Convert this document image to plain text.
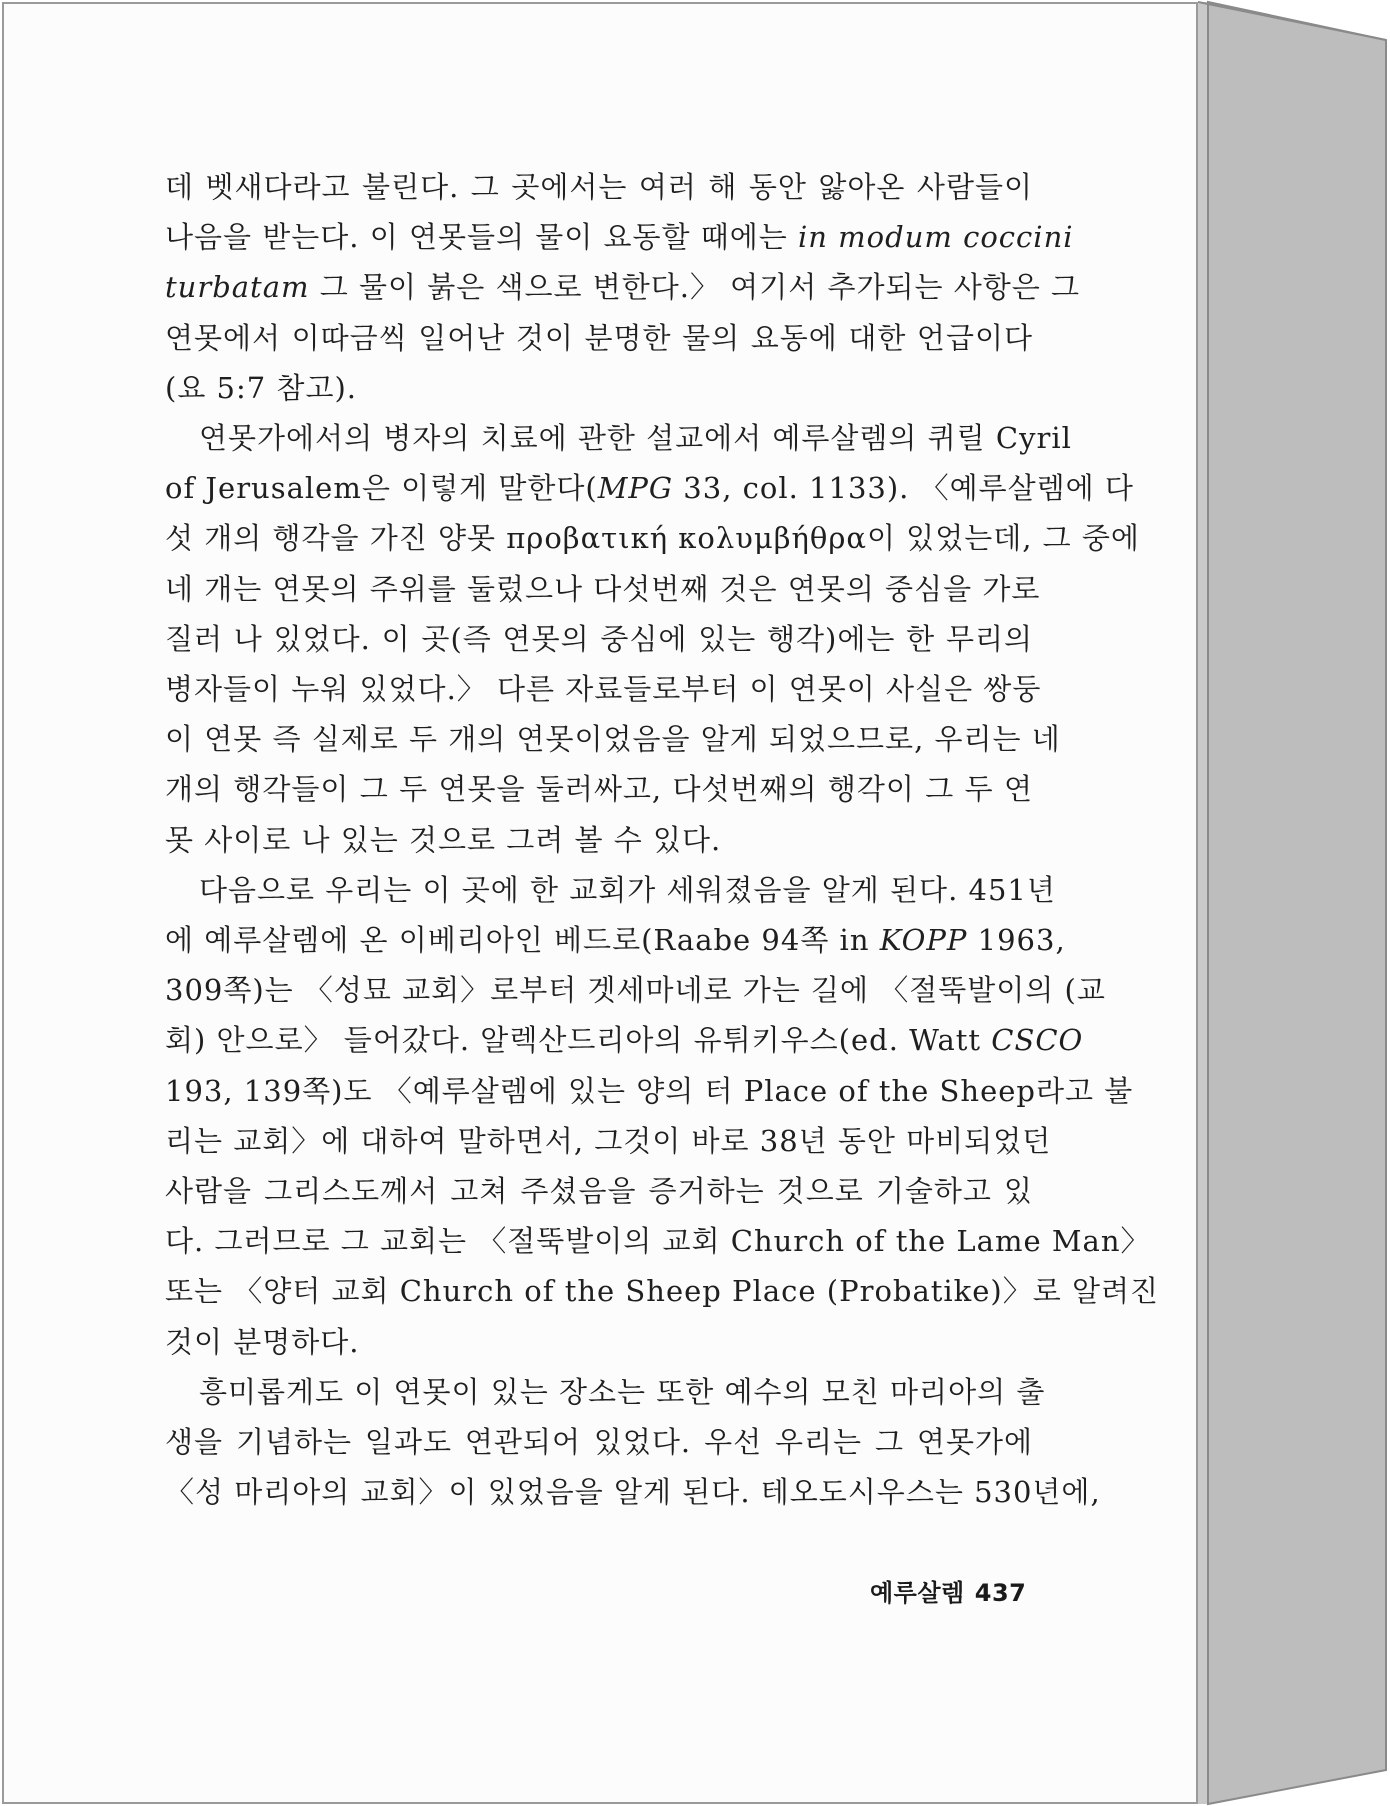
데 벳새다라고 불린다. 그 곳에서는 여러 해 동안 앓아온 사람들이
나음을 받는다. 이 연못들의 물이 요동할 때에는 in modum coccini
turbatam 그 물이 붉은 색으로 변한다.〉 여기서 추가되는 사항은 그
연못에서 이따금씩 일어난 것이 분명한 물의 요동에 대한 언급이다
(요 5:7 참고).
연못가에서의 병자의 치료에 관한 설교에서 예루살렘의 퀴릴 Cyril
of Jerusalem은 이렇게 말한다(MPG 33, col. 1133). 〈예루살렘에 다
섯 개의 행각을 가진 양못 προβατική κολυμβήθρα이 있었는데, 그 중에
네 개는 연못의 주위를 둘렀으나 다섯번째 것은 연못의 중심을 가로
질러 나 있었다. 이 곳(즉 연못의 중심에 있는 행각)에는 한 무리의
병자들이 누워 있었다.〉 다른 자료들로부터 이 연못이 사실은 쌍둥
이 연못 즉 실제로 두 개의 연못이었음을 알게 되었으므로, 우리는 네
개의 행각들이 그 두 연못을 둘러싸고, 다섯번째의 행각이 그 두 연
못 사이로 나 있는 것으로 그려 볼 수 있다.
다음으로 우리는 이 곳에 한 교회가 세워졌음을 알게 된다. 451년
에 예루살렘에 온 이베리아인 베드로(Raabe 94쪽 in KOPP 1963,
309쪽)는 〈성묘 교회〉로부터 겟세마네로 가는 길에 〈절뚝발이의 (교
회) 안으로〉 들어갔다. 알렉산드리아의 유튀키우스(ed. Watt CSCO
193, 139쪽)도 〈예루살렘에 있는 양의 터 Place of the Sheep라고 불
리는 교회〉에 대하여 말하면서, 그것이 바로 38년 동안 마비되었던
사람을 그리스도께서 고쳐 주셨음을 증거하는 것으로 기술하고 있
다. 그러므로 그 교회는 〈절뚝발이의 교회 Church of the Lame Man〉
또는 〈양터 교회 Church of the Sheep Place (Probatike)〉로 알려진
것이 분명하다.
흥미롭게도 이 연못이 있는 장소는 또한 예수의 모친 마리아의 출
생을 기념하는 일과도 연관되어 있었다. 우선 우리는 그 연못가에
〈성 마리아의 교회〉이 있었음을 알게 된다. 테오도시우스는 530년에,
예루살렘 437
